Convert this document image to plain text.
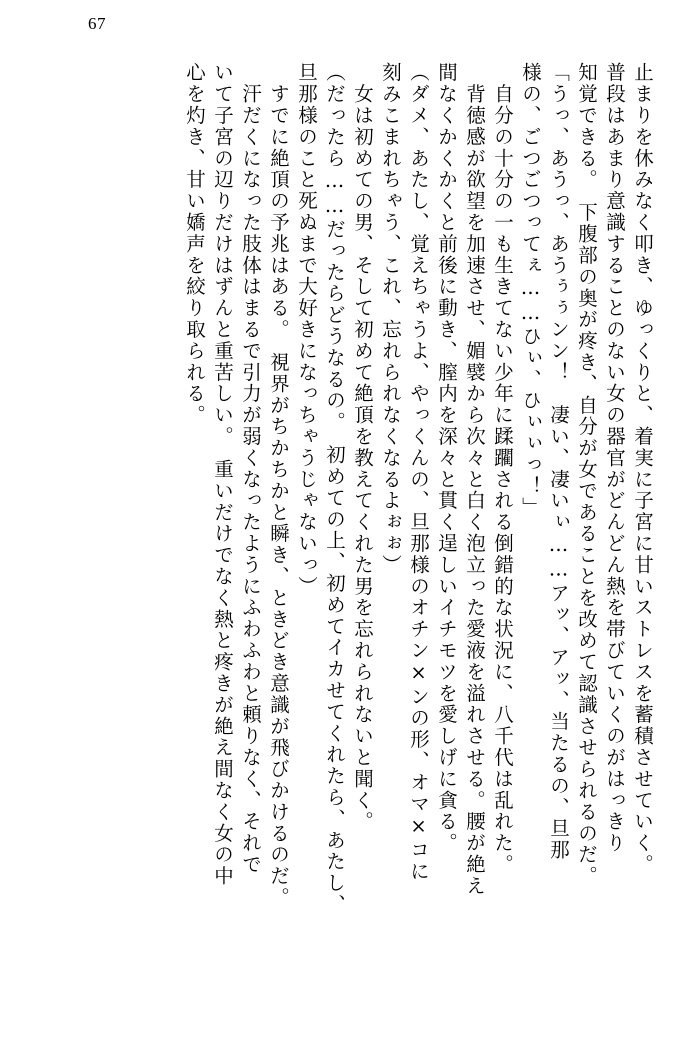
67
止まりを休みなく叩き、ゆっくりと、着実に子宮に甘いストレスを蓄積させていく。
普段はあまり意識することのない女の器官がどんどん熱を帯びていくのがはっきり
知覚できる。　下腹部の奥が疼き、自分が女であることを改めて認識させられるのだ。
「うっ、あうっ、あうぅぅンン！　凄い、凄いぃ……アッ、アッ、当たるの、旦那
様の、ごつごつってぇ……ひぃ、ひぃぃっ！」
　自分の十分の一も生きてない少年に蹂躙される倒錯的な状況に、八千代は乱れた。
　背徳感が欲望を加速させ、媚襞から次々と白く泡立った愛液を溢れさせる。腰が絶え
間なくかくかくと前後に動き、膣内を深々と貫く逞しいイチモツを愛しげに貪る。
（ダメ、あたし、覚えちゃうよ、やっくんの、旦那様のオチン×ンの形、オマ×コに
刻みこまれちゃう、これ、忘れられなくなるよぉぉ）
　女は初めての男、そして初めて絶頂を教えてくれた男を忘れられないと聞く。
（だったら……だったらどうなるの。　初めての上、初めてイカせてくれたら、あたし、
旦那様のこと死ぬまで大好きになっちゃうじゃないっ）
　すでに絶頂の予兆はある。　視界がちかちかと瞬き、ときどき意識が飛びかけるのだ。
　汗だくになった肢体はまるで引力が弱くなったようにふわふわと頼りなく、それで
いて子宮の辺りだけはずんと重苦しい。　重いだけでなく熱と疼きが絶え間なく女の中
心を灼き、甘い嬌声を絞り取られる。
